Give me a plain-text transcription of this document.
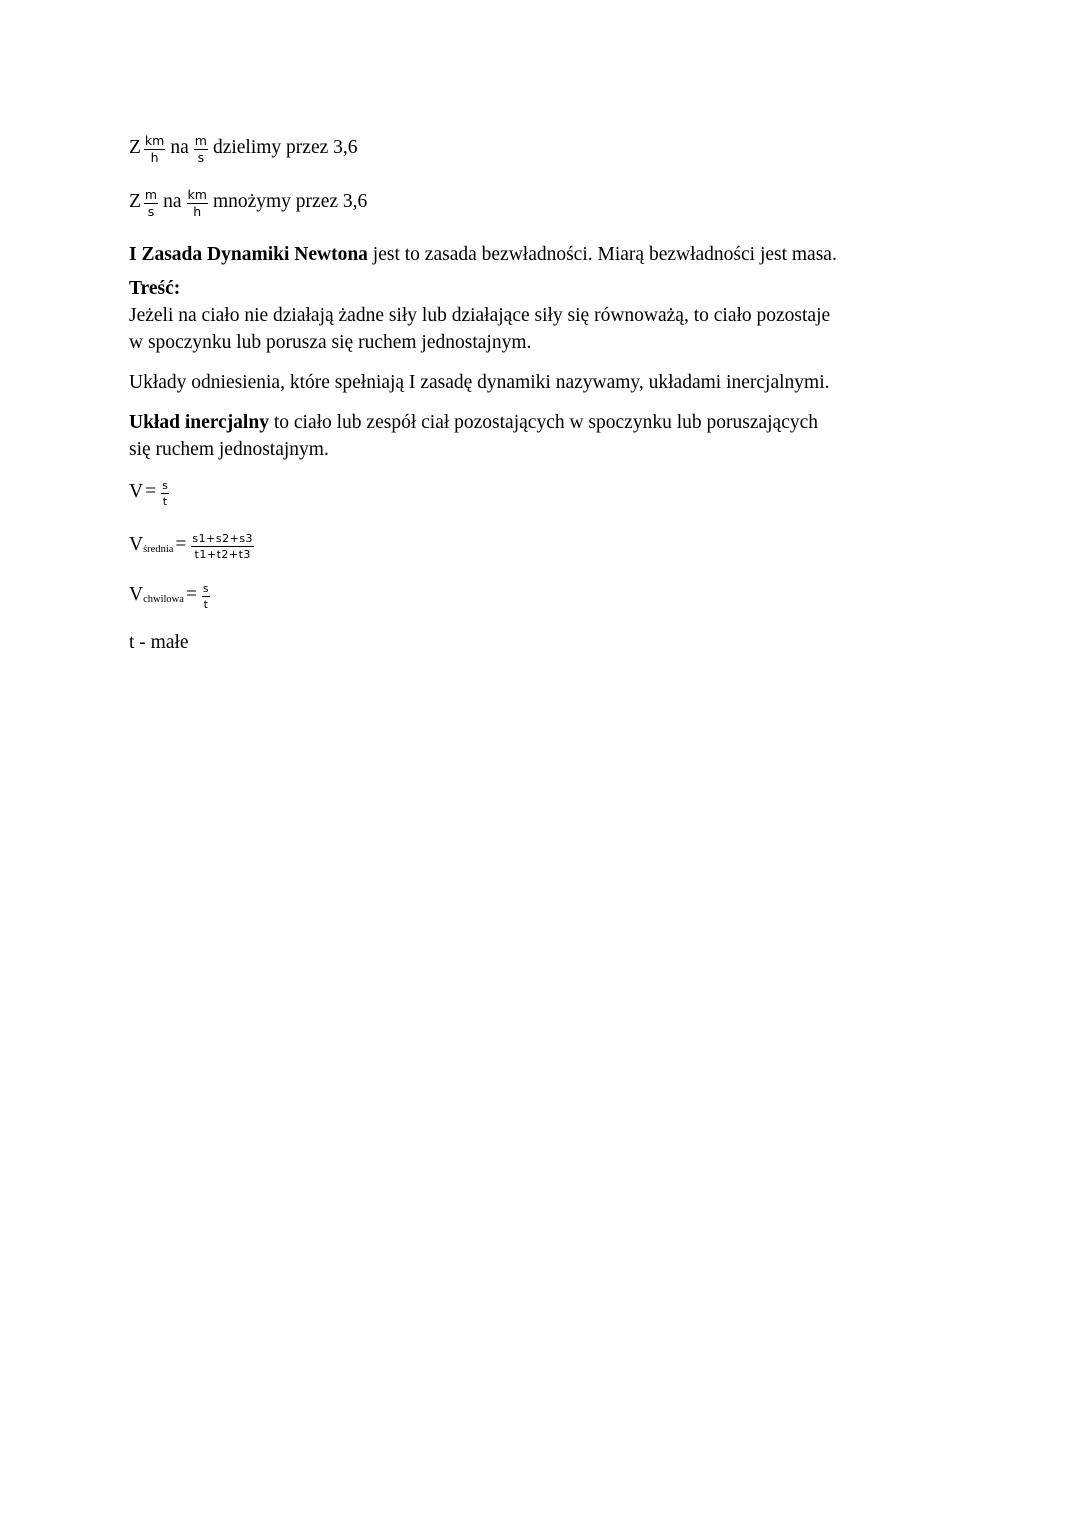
Z $\frac{km}{h}$ na $\frac{m}{s}$ dzielimy przez 3,6
Z $\frac{m}{s}$ na $\frac{km}{h}$ mnożymy przez 3,6
I Zasada Dynamiki Newtona jest to zasada bezwładności. Miarą bezwładności jest masa.
Treść:
Jeżeli na ciało nie działają żadne siły lub działające siły się równoważą, to ciało pozostaje
w spoczynku lub porusza się ruchem jednostajnym.
Układy odniesienia, które spełniają I zasadę dynamiki nazywamy, układami inercjalnymi.
Układ inercjalny to ciało lub zespół ciał pozostających w spoczynku lub poruszających
się ruchem jednostajnym.
$V = \frac{s}{t}$
Vśrednia = $\frac{s1+s2+s3}{t1+t2+t3}$
Vchwilowa = $\frac{s}{t}$
t - małe
